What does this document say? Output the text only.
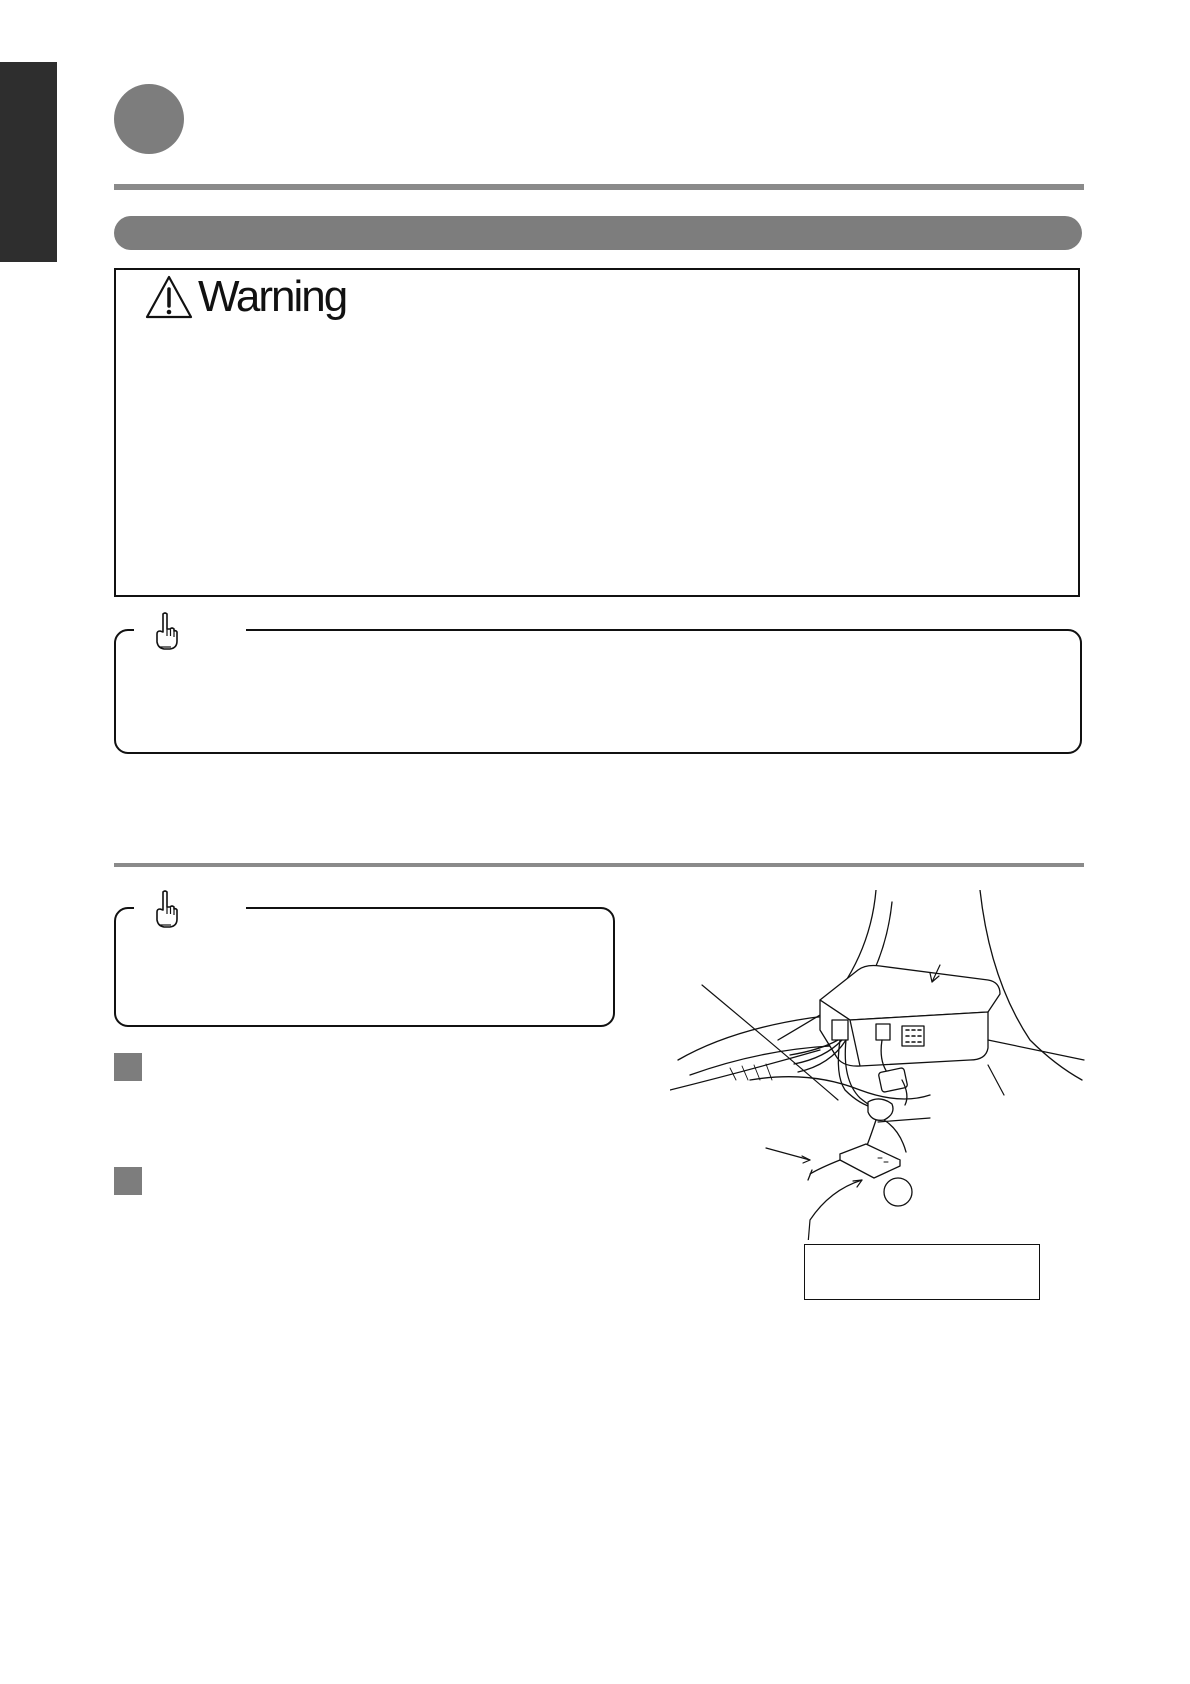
Warning
